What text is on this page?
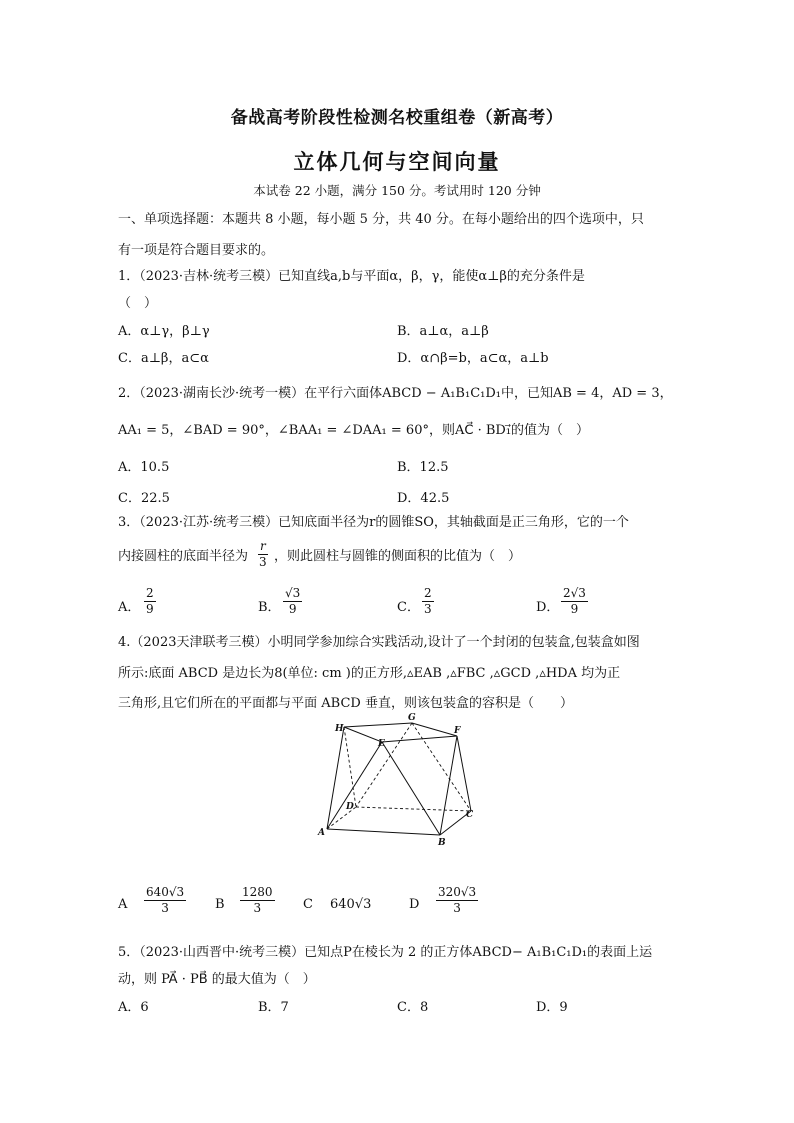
备战高考阶段性检测名校重组卷（新高考）
立体几何与空间向量
本试卷 22 小题，满分 150 分。考试用时 120 分钟
一、单项选择题：本题共 8 小题，每小题 5 分，共 40 分。在每小题给出的四个选项中，只
有一项是符合题目要求的。
1．（2023·吉林·统考三模）已知直线a,b与平面α，β，γ，能使α⊥β的充分条件是
（　）
A．α⊥γ，β⊥γ	B．a⊥α，a⊥β
C．a⊥β，a⊂α	D．α∩β=b，a⊂α，a⊥b
2．（2023·湖南长沙·统考一模）在平行六面体ABCD − A₁B₁C₁D₁中，已知AB = 4，AD = 3，
AA₁ = 5，∠BAD = 90°，∠BAA₁ = ∠DAA₁ = 60°，则AC⃗ · BD₁⃗的值为（　）
A．10.5	B．12.5
C．22.5	D．42.5
3．（2023·江苏·统考三模）已知底面半径为r的圆锥SO，其轴截面是正三角形，它的一个
内接圆柱的底面半径为 $\frac{r}{3}$ ，则此圆柱与圆锥的侧面积的比值为（　）
A． $\frac{2}{9}$	B． $\frac{√3}{9}$	C． $\frac{2}{3}$	D． $\frac{2√3}{9}$
4.（2023天津联考三模）小明同学参加综合实践活动,设计了一个封闭的包装盒,包装盒如图
所示:底面 ABCD 是边长为8(单位: cm )的正方形,▵EAB ,▵FBC ,▵GCD ,▵HDA 均为正
三角形,且它们所在的平面都与平面 ABCD 垂直，则该包装盒的容积是（　　）
H
G
E
F
D
C
A
B
A $\frac{640√3}{3}$ B $\frac{1280}{3}$ C 640√3	D $\frac{320√3}{3}$
5．（2023·山西晋中·统考三模）已知点P在棱长为 2 的正方体ABCD− A₁B₁C₁D₁的表面上运
动，则 PA⃗ · PB⃗ 的最大值为（　）
A．6	B．7	C．8	D．9
